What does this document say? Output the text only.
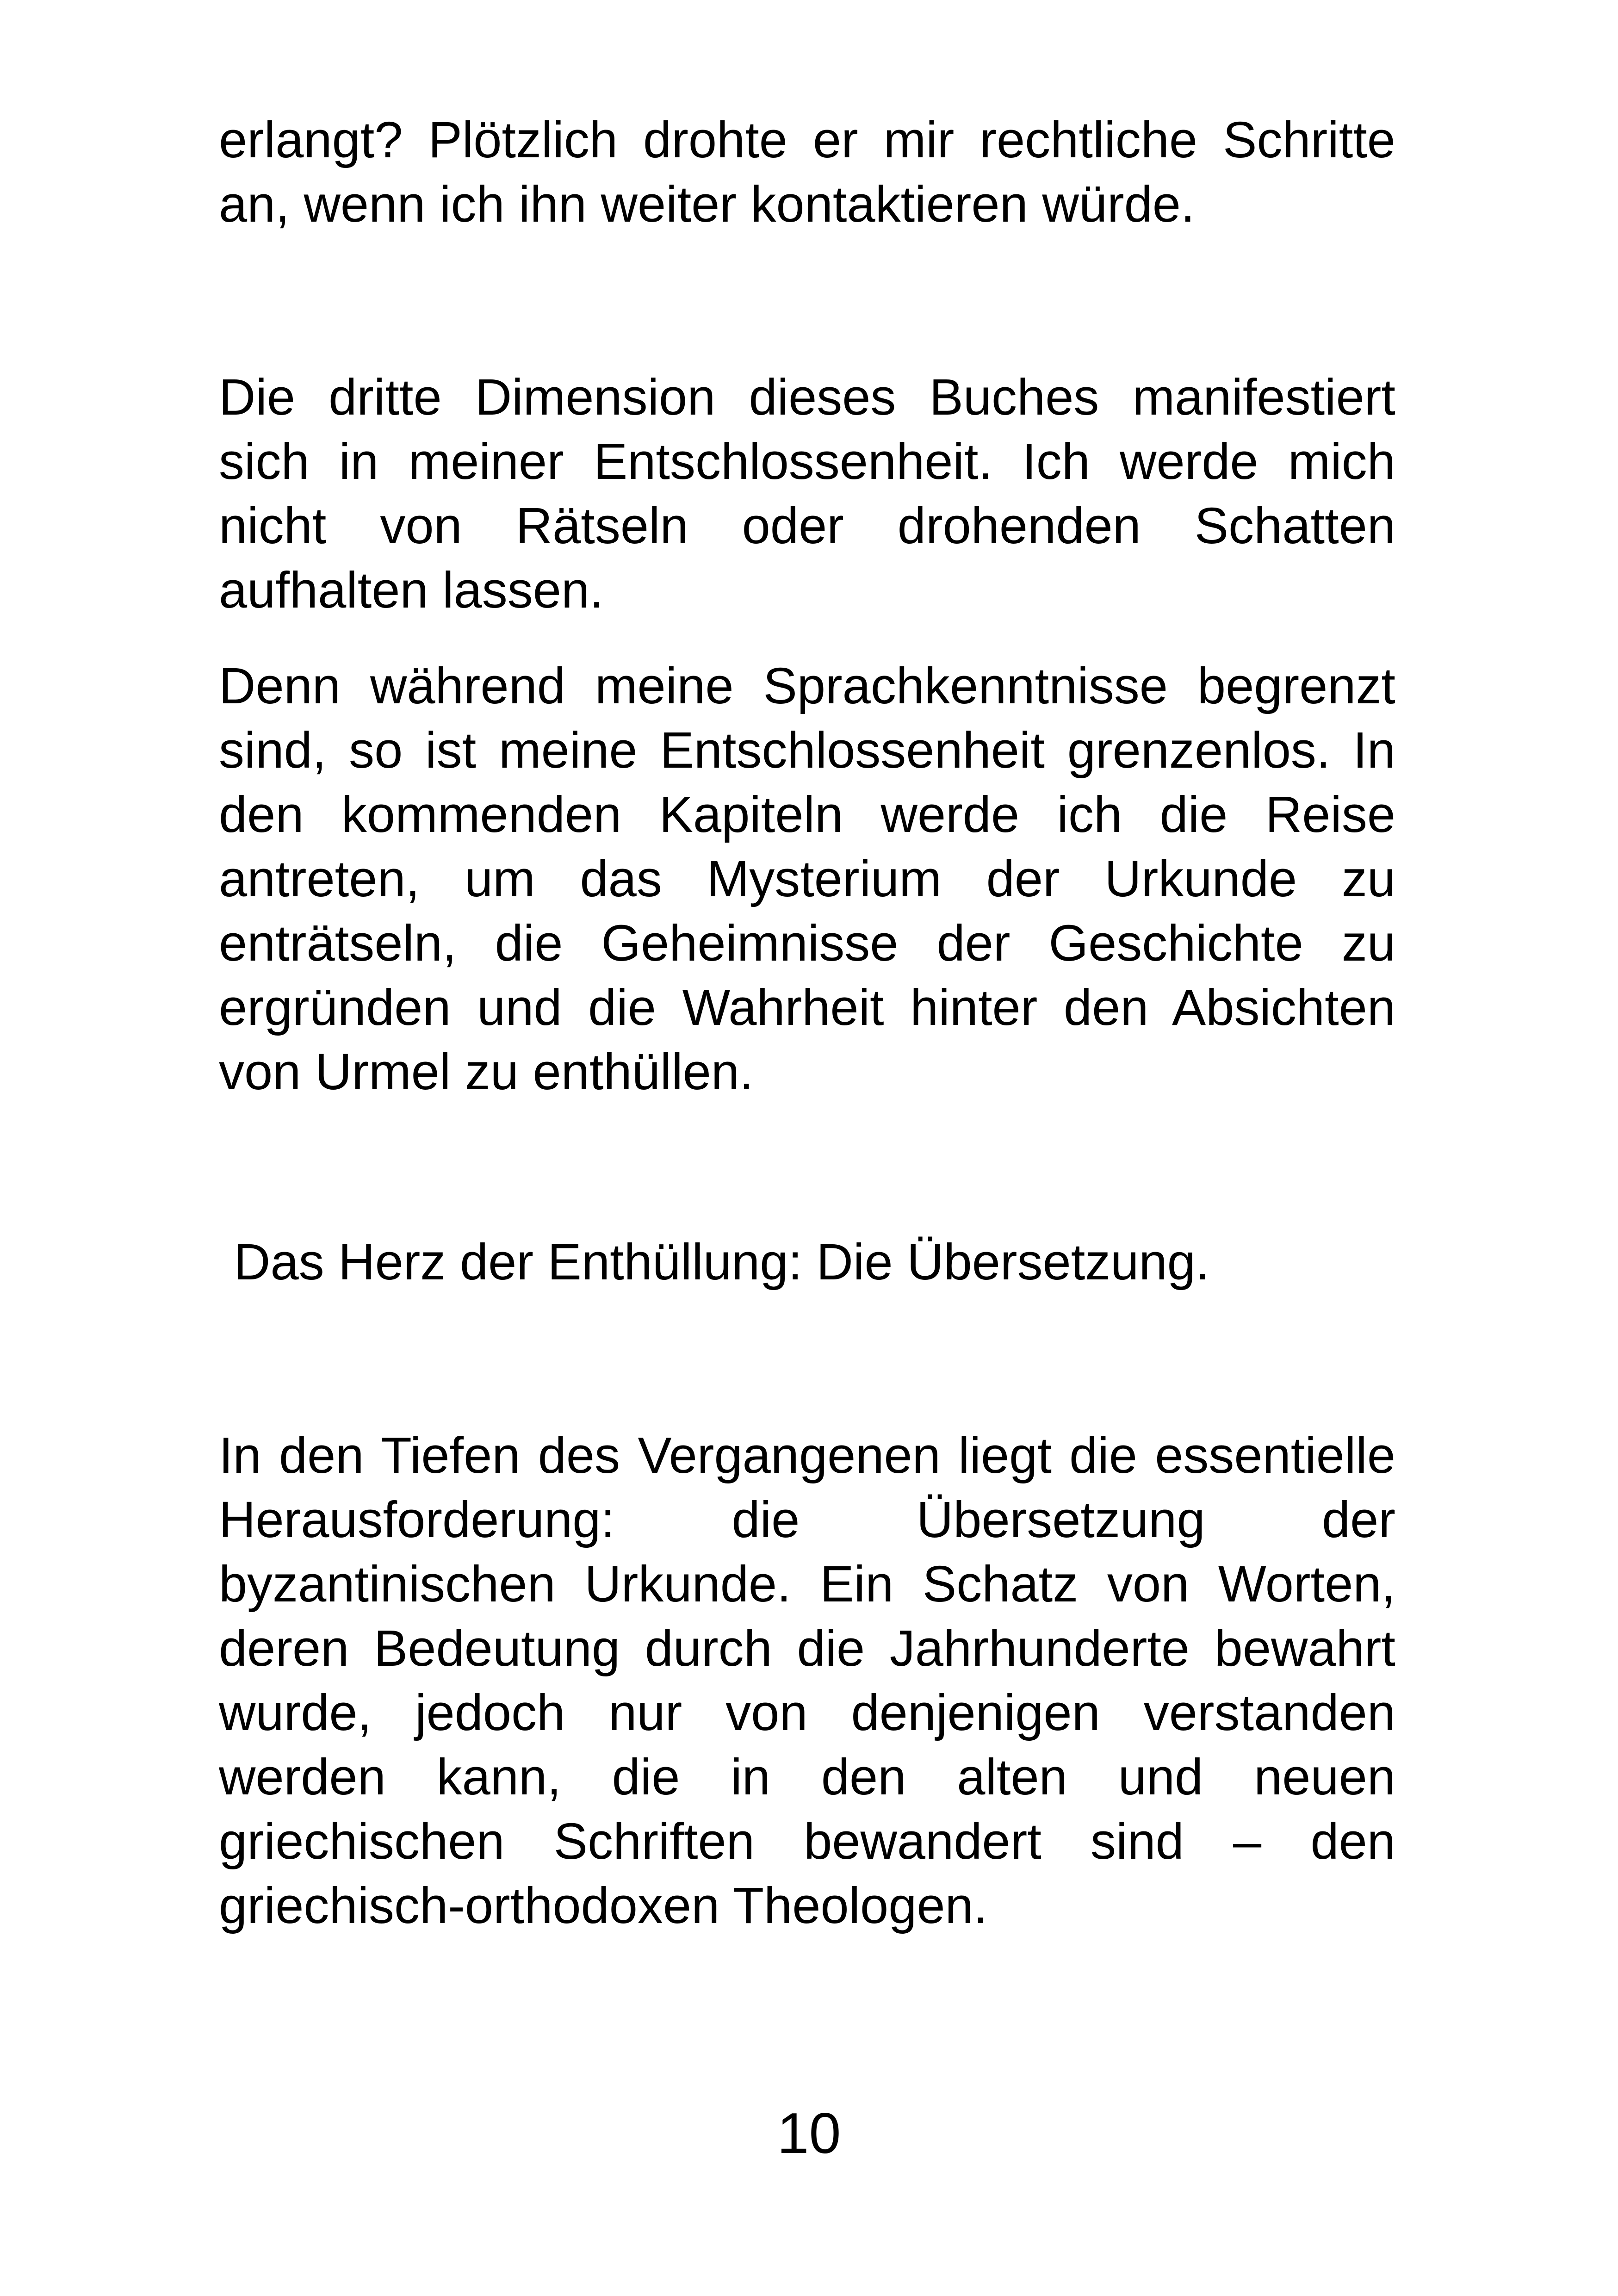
erlangt? Plötzlich drohte er mir rechtliche Schritte an, wenn ich ihn weiter kontaktieren würde.

Die dritte Dimension dieses Buches manifestiert sich in meiner Entschlossenheit. Ich werde mich nicht von Rätseln oder drohenden Schatten aufhalten lassen.

Denn während meine Sprachkenntnisse begrenzt sind, so ist meine Entschlossenheit grenzenlos. In den kommenden Kapiteln werde ich die Reise antreten, um das Mysterium der Urkunde zu enträtseln, die Geheimnisse der Geschichte zu ergründen und die Wahrheit hinter den Absichten von Urmel zu enthüllen.

Das Herz der Enthüllung: Die Übersetzung.

In den Tiefen des Vergangenen liegt die essentielle Herausforderung: die Übersetzung der byzantinischen Urkunde. Ein Schatz von Worten, deren Bedeutung durch die Jahrhunderte bewahrt wurde, jedoch nur von denjenigen verstanden werden kann, die in den alten und neuen griechischen Schriften bewandert sind – den griechisch-orthodoxen Theologen.

10
